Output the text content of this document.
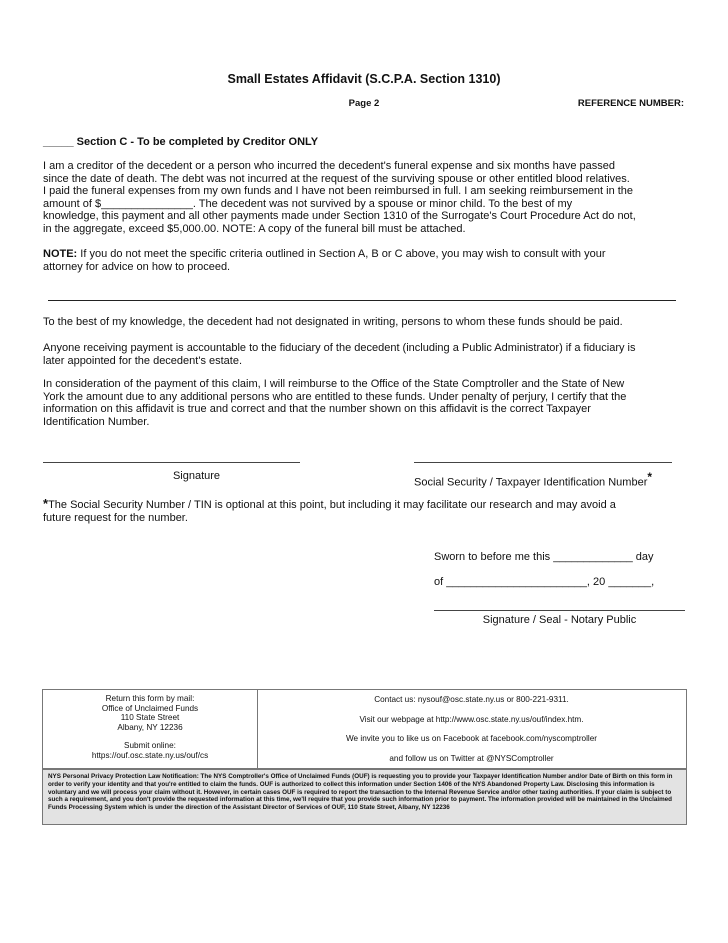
Small Estates Affidavit (S.C.P.A. Section 1310)
Page 2	REFERENCE NUMBER:
_____ Section C - To be completed by Creditor ONLY
I am a creditor of the decedent or a person who incurred the decedent's funeral expense and six months have passed
since the date of death. The debt was not incurred at the request of the surviving spouse or other entitled blood relatives.
I paid the funeral expenses from my own funds and I have not been reimbursed in full. I am seeking reimbursement in the
amount of $_______________. The decedent was not survived by a spouse or minor child. To the best of my
knowledge, this payment and all other payments made under Section 1310 of the Surrogate's Court Procedure Act do not,
in the aggregate, exceed $5,000.00. NOTE: A copy of the funeral bill must be attached.
NOTE: If you do not meet the specific criteria outlined in Section A, B or C above, you may wish to consult with your
attorney for advice on how to proceed.
To the best of my knowledge, the decedent had not designated in writing, persons to whom these funds should be paid.
Anyone receiving payment is accountable to the fiduciary of the decedent (including a Public Administrator) if a fiduciary is
later appointed for the decedent's estate.
In consideration of the payment of this claim, I will reimburse to the Office of the State Comptroller and the State of New
York the amount due to any additional persons who are entitled to these funds. Under penalty of perjury, I certify that the
information on this affidavit is true and correct and that the number shown on this affidavit is the correct Taxpayer
Identification Number.
Signature
Social Security / Taxpayer Identification Number*
*The Social Security Number / TIN is optional at this point, but including it may facilitate our research and may avoid a
future request for the number.
Sworn to before me this _____________ day
of _______________________, 20 _______,
Signature / Seal - Notary Public
Return this form by mail:
Office of Unclaimed Funds
110 State Street
Albany, NY 12236
Submit online:
https://ouf.osc.state.ny.us/ouf/cs
Contact us: nysouf@osc.state.ny.us or 800-221-9311.
Visit our webpage at http://www.osc.state.ny.us/ouf/index.htm.
We invite you to like us on Facebook at facebook.com/nyscomptroller
and follow us on Twitter at @NYSComptroller
NYS Personal Privacy Protection Law Notification: The NYS Comptroller's Office of Unclaimed Funds (OUF) is requesting you to provide your Taxpayer Identification Number and/or Date of Birth on this form in order to verify your identity and that you're entitled to claim the funds. OUF is authorized to collect this information under Section 1406 of the NYS Abandoned Property Law. Disclosing this information is voluntary and we will process your claim without it. However, in certain cases OUF is required to report the transaction to the Internal Revenue Service and/or other taxing authorities. If your claim is subject to such a requirement, and you don't provide the requested information at this time, we'll require that you provide such information prior to payment. The information provided will be maintained in the Unclaimed Funds Processing System which is under the direction of the Assistant Director of Services of OUF, 110 State Street, Albany, NY 12236
